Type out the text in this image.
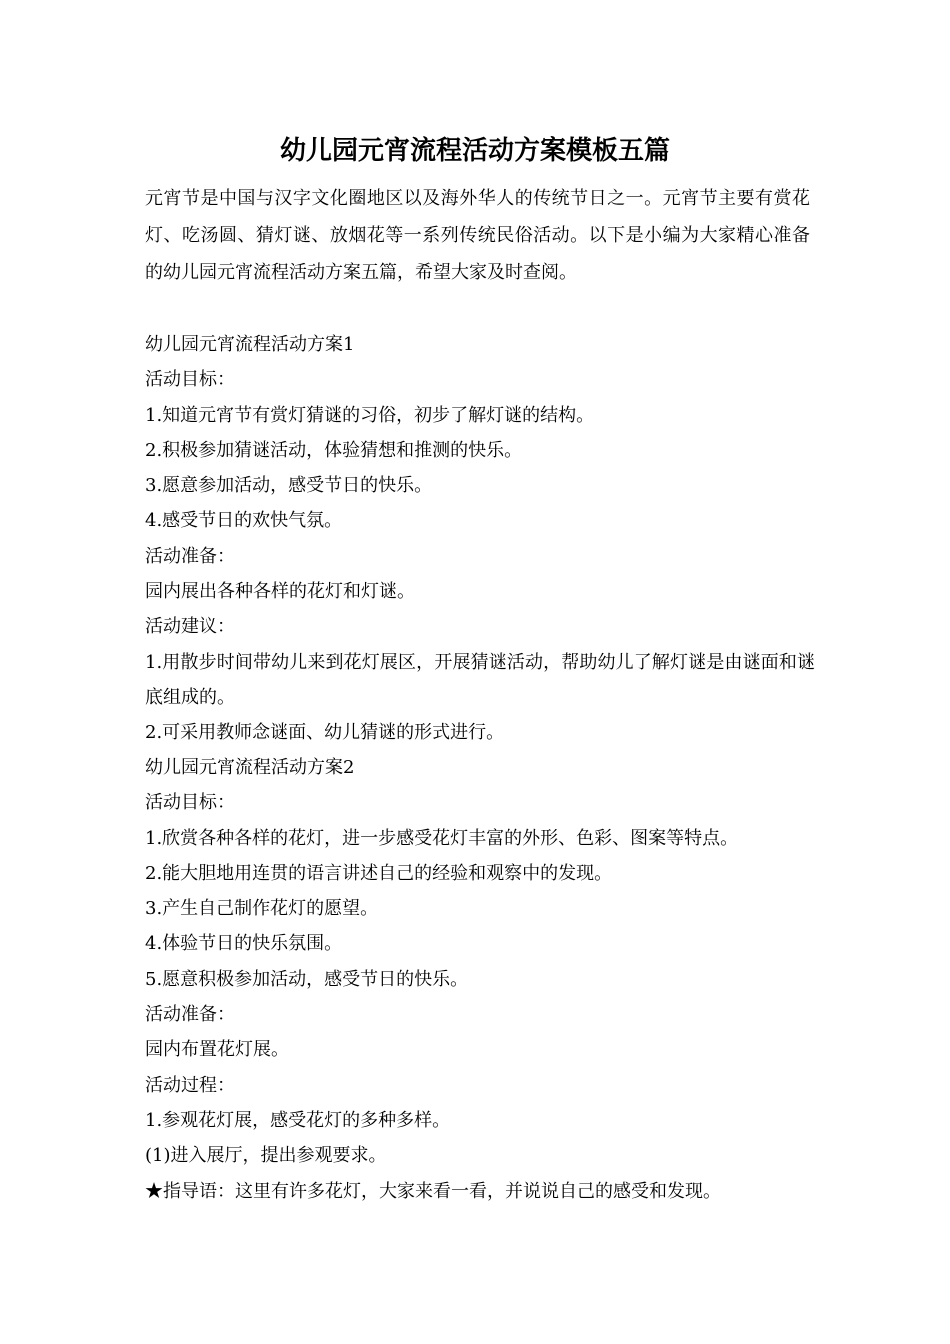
幼儿园元宵流程活动方案模板五篇

元宵节是中国与汉字文化圈地区以及海外华人的传统节日之一。元宵节主要有赏花灯、吃汤圆、猜灯谜、放烟花等一系列传统民俗活动。以下是小编为大家精心准备的幼儿园元宵流程活动方案五篇，希望大家及时查阅。

幼儿园元宵流程活动方案1
活动目标：
1.知道元宵节有赏灯猜谜的习俗，初步了解灯谜的结构。
2.积极参加猜谜活动，体验猜想和推测的快乐。
3.愿意参加活动，感受节日的快乐。
4.感受节日的欢快气氛。
活动准备：
园内展出各种各样的花灯和灯谜。
活动建议：
1.用散步时间带幼儿来到花灯展区，开展猜谜活动，帮助幼儿了解灯谜是由谜面和谜底组成的。
2.可采用教师念谜面、幼儿猜谜的形式进行。
幼儿园元宵流程活动方案2
活动目标：
1.欣赏各种各样的花灯，进一步感受花灯丰富的外形、色彩、图案等特点。
2.能大胆地用连贯的语言讲述自己的经验和观察中的发现。
3.产生自己制作花灯的愿望。
4.体验节日的快乐氛围。
5.愿意积极参加活动，感受节日的快乐。
活动准备：
园内布置花灯展。
活动过程：
1.参观花灯展，感受花灯的多种多样。
(1)进入展厅，提出参观要求。
★指导语：这里有许多花灯，大家来看一看，并说说自己的感受和发现。
